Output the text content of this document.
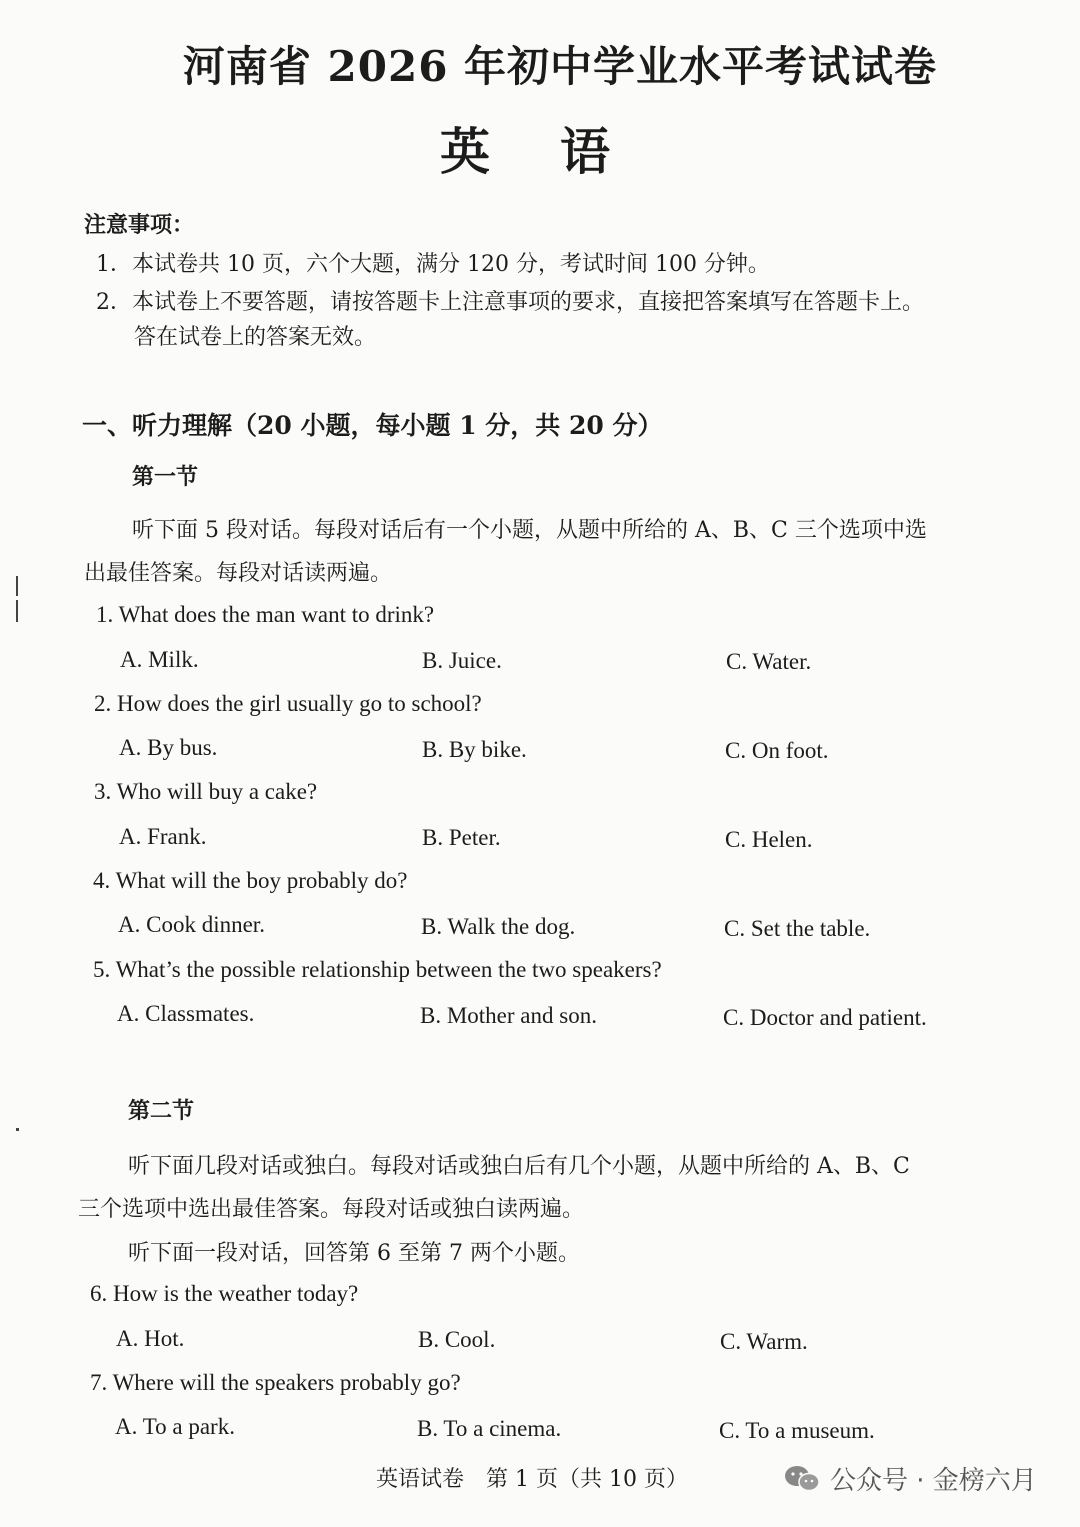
河南省 2026 年初中学业水平考试试卷
英语
注意事项：
1．本试卷共 10 页，六个大题，满分 120 分，考试时间 100 分钟。
2．本试卷上不要答题，请按答题卡上注意事项的要求，直接把答案填写在答题卡上。
答在试卷上的答案无效。
一、听力理解（20 小题，每小题 1 分，共 20 分）
第一节
听下面 5 段对话。每段对话后有一个小题，从题中所给的 A、B、C 三个选项中选
出最佳答案。每段对话读两遍。
1. What does the man want to drink?
A. Milk.	B. Juice.	C. Water.
2. How does the girl usually go to school?
A. By bus.	B. By bike.	C. On foot.
3. Who will buy a cake?
A. Frank.	B. Peter.	C. Helen.
4. What will the boy probably do?
A. Cook dinner.	B. Walk the dog.	C. Set the table.
5. What’s the possible relationship between the two speakers?
A. Classmates.	B. Mother and son.	C. Doctor and patient.
第二节
听下面几段对话或独白。每段对话或独白后有几个小题，从题中所给的 A、B、C
三个选项中选出最佳答案。每段对话或独白读两遍。
听下面一段对话，回答第 6 至第 7 两个小题。
6. How is the weather today?
A. Hot.	B. Cool.	C. Warm.
7. Where will the speakers probably go?
A. To a park.	B. To a cinema.	C. To a museum.
英语试卷　第 1 页（共 10 页）	公众号 · 金榜六月
